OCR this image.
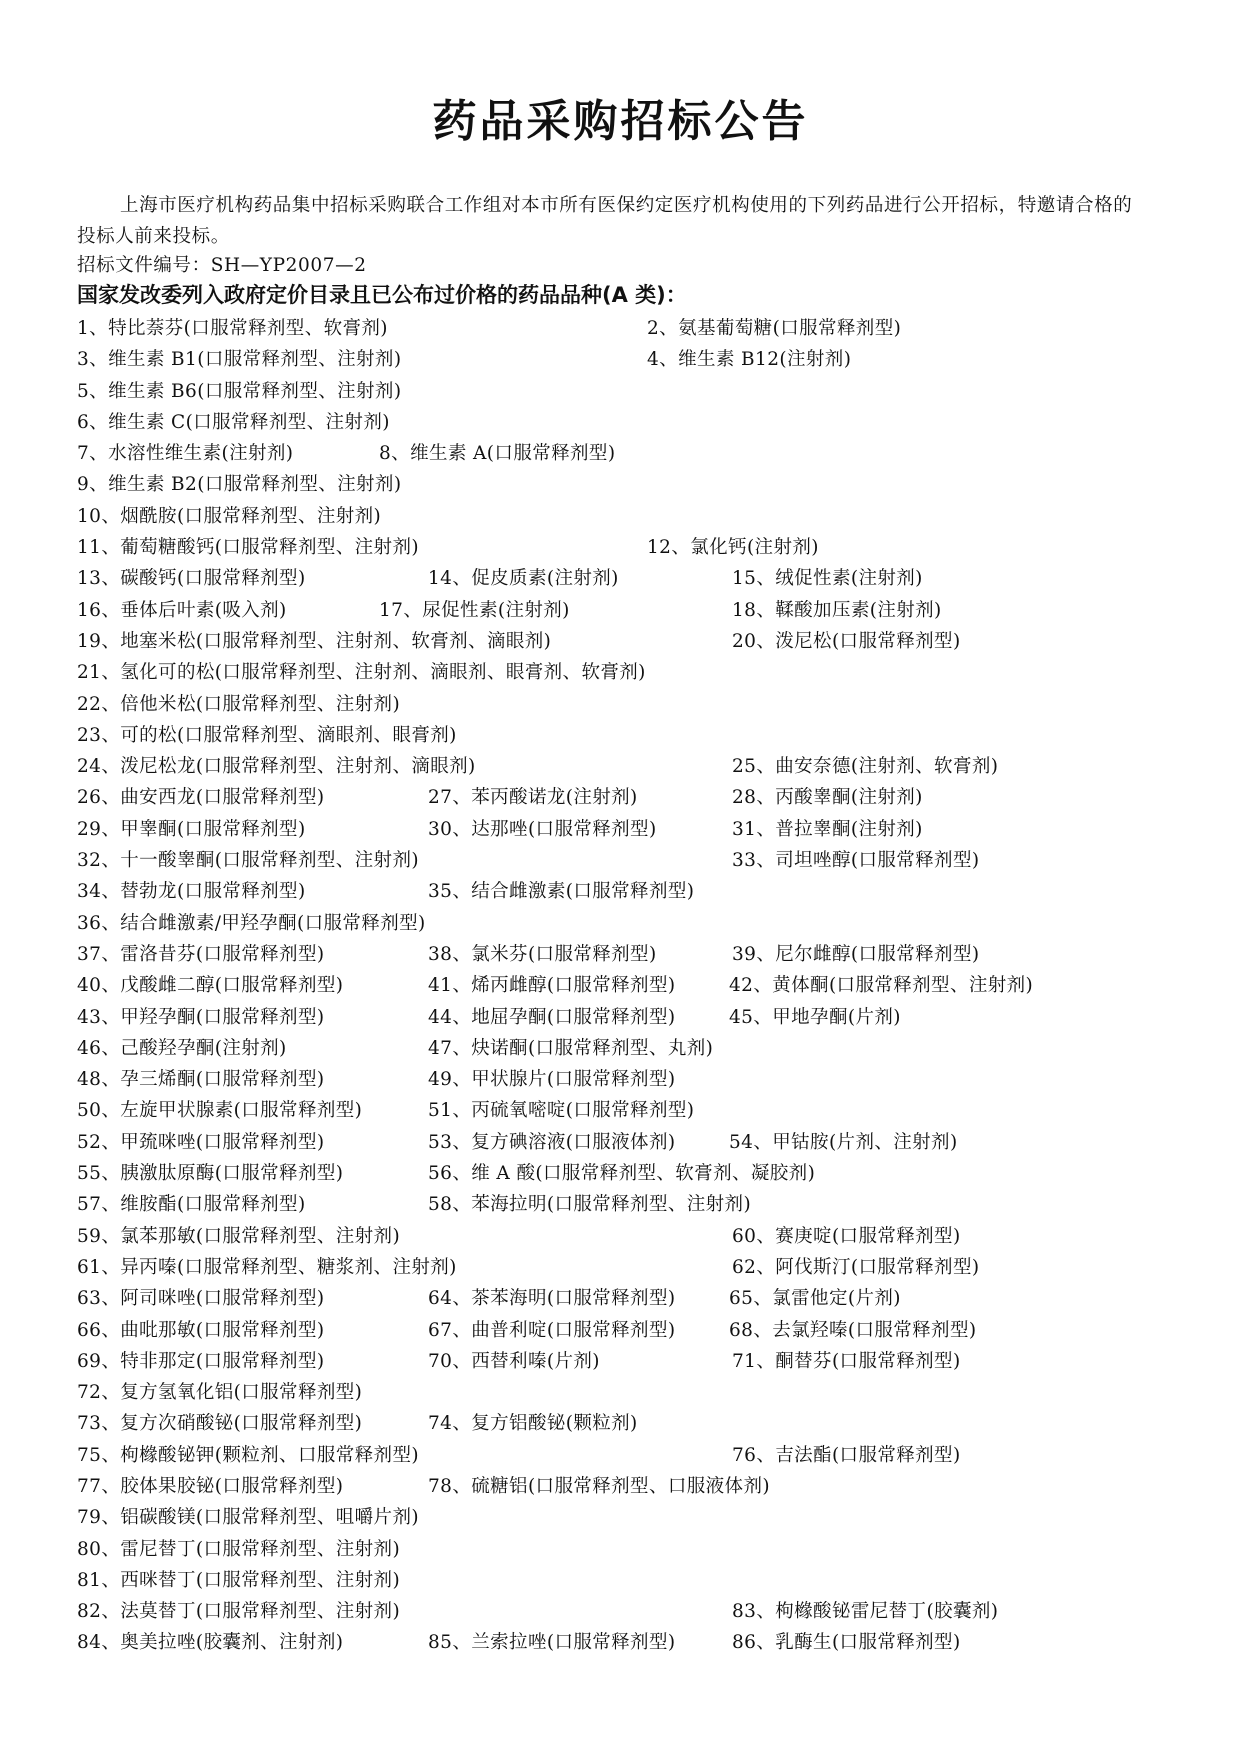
药品采购招标公告
上海市医疗机构药品集中招标采购联合工作组对本市所有医保约定医疗机构使用的下列药品进行公开招标，特邀请合格的投标人前来投标。
招标文件编号：SH—YP2007—2
国家发改委列入政府定价目录且已公布过价格的药品品种(A 类)：
1、特比萘芬(口服常释剂型、软膏剂)	2、氨基葡萄糖(口服常释剂型)
3、维生素 B1(口服常释剂型、注射剂)	4、维生素 B12(注射剂)
5、维生素 B6(口服常释剂型、注射剂)
6、维生素 C(口服常释剂型、注射剂)
7、水溶性维生素(注射剂)	8、维生素 A(口服常释剂型)
9、维生素 B2(口服常释剂型、注射剂)
10、烟酰胺(口服常释剂型、注射剂)
11、葡萄糖酸钙(口服常释剂型、注射剂)	12、氯化钙(注射剂)
13、碳酸钙(口服常释剂型)	14、促皮质素(注射剂)	15、绒促性素(注射剂)
16、垂体后叶素(吸入剂)	17、尿促性素(注射剂)	18、鞣酸加压素(注射剂)
19、地塞米松(口服常释剂型、注射剂、软膏剂、滴眼剂)	20、泼尼松(口服常释剂型)
21、氢化可的松(口服常释剂型、注射剂、滴眼剂、眼膏剂、软膏剂)
22、倍他米松(口服常释剂型、注射剂)
23、可的松(口服常释剂型、滴眼剂、眼膏剂)
24、泼尼松龙(口服常释剂型、注射剂、滴眼剂)	25、曲安奈德(注射剂、软膏剂)
26、曲安西龙(口服常释剂型)	27、苯丙酸诺龙(注射剂)	28、丙酸睾酮(注射剂)
29、甲睾酮(口服常释剂型)	30、达那唑(口服常释剂型)	31、普拉睾酮(注射剂)
32、十一酸睾酮(口服常释剂型、注射剂)	33、司坦唑醇(口服常释剂型)
34、替勃龙(口服常释剂型)	35、结合雌激素(口服常释剂型)
36、结合雌激素/甲羟孕酮(口服常释剂型)
37、雷洛昔芬(口服常释剂型)	38、氯米芬(口服常释剂型)	39、尼尔雌醇(口服常释剂型)
40、戊酸雌二醇(口服常释剂型)	41、烯丙雌醇(口服常释剂型)	42、黄体酮(口服常释剂型、注射剂)
43、甲羟孕酮(口服常释剂型)	44、地屈孕酮(口服常释剂型)	45、甲地孕酮(片剂)
46、己酸羟孕酮(注射剂)	47、炔诺酮(口服常释剂型、丸剂)
48、孕三烯酮(口服常释剂型)	49、甲状腺片(口服常释剂型)
50、左旋甲状腺素(口服常释剂型)	51、丙硫氧嘧啶(口服常释剂型)
52、甲巯咪唑(口服常释剂型)	53、复方碘溶液(口服液体剂)	54、甲钴胺(片剂、注射剂)
55、胰激肽原酶(口服常释剂型)	56、维 A 酸(口服常释剂型、软膏剂、凝胶剂)
57、维胺酯(口服常释剂型)	58、苯海拉明(口服常释剂型、注射剂)
59、氯苯那敏(口服常释剂型、注射剂)	60、赛庚啶(口服常释剂型)
61、异丙嗪(口服常释剂型、糖浆剂、注射剂)	62、阿伐斯汀(口服常释剂型)
63、阿司咪唑(口服常释剂型)	64、茶苯海明(口服常释剂型)	65、氯雷他定(片剂)
66、曲吡那敏(口服常释剂型)	67、曲普利啶(口服常释剂型)	68、去氯羟嗪(口服常释剂型)
69、特非那定(口服常释剂型)	70、西替利嗪(片剂)	71、酮替芬(口服常释剂型)
72、复方氢氧化铝(口服常释剂型)
73、复方次硝酸铋(口服常释剂型)	74、复方铝酸铋(颗粒剂)
75、枸橼酸铋钾(颗粒剂、口服常释剂型)	76、吉法酯(口服常释剂型)
77、胶体果胶铋(口服常释剂型)	78、硫糖铝(口服常释剂型、口服液体剂)
79、铝碳酸镁(口服常释剂型、咀嚼片剂)
80、雷尼替丁(口服常释剂型、注射剂)
81、西咪替丁(口服常释剂型、注射剂)
82、法莫替丁(口服常释剂型、注射剂)	83、枸橼酸铋雷尼替丁(胶囊剂)
84、奥美拉唑(胶囊剂、注射剂)	85、兰索拉唑(口服常释剂型)	86、乳酶生(口服常释剂型)
